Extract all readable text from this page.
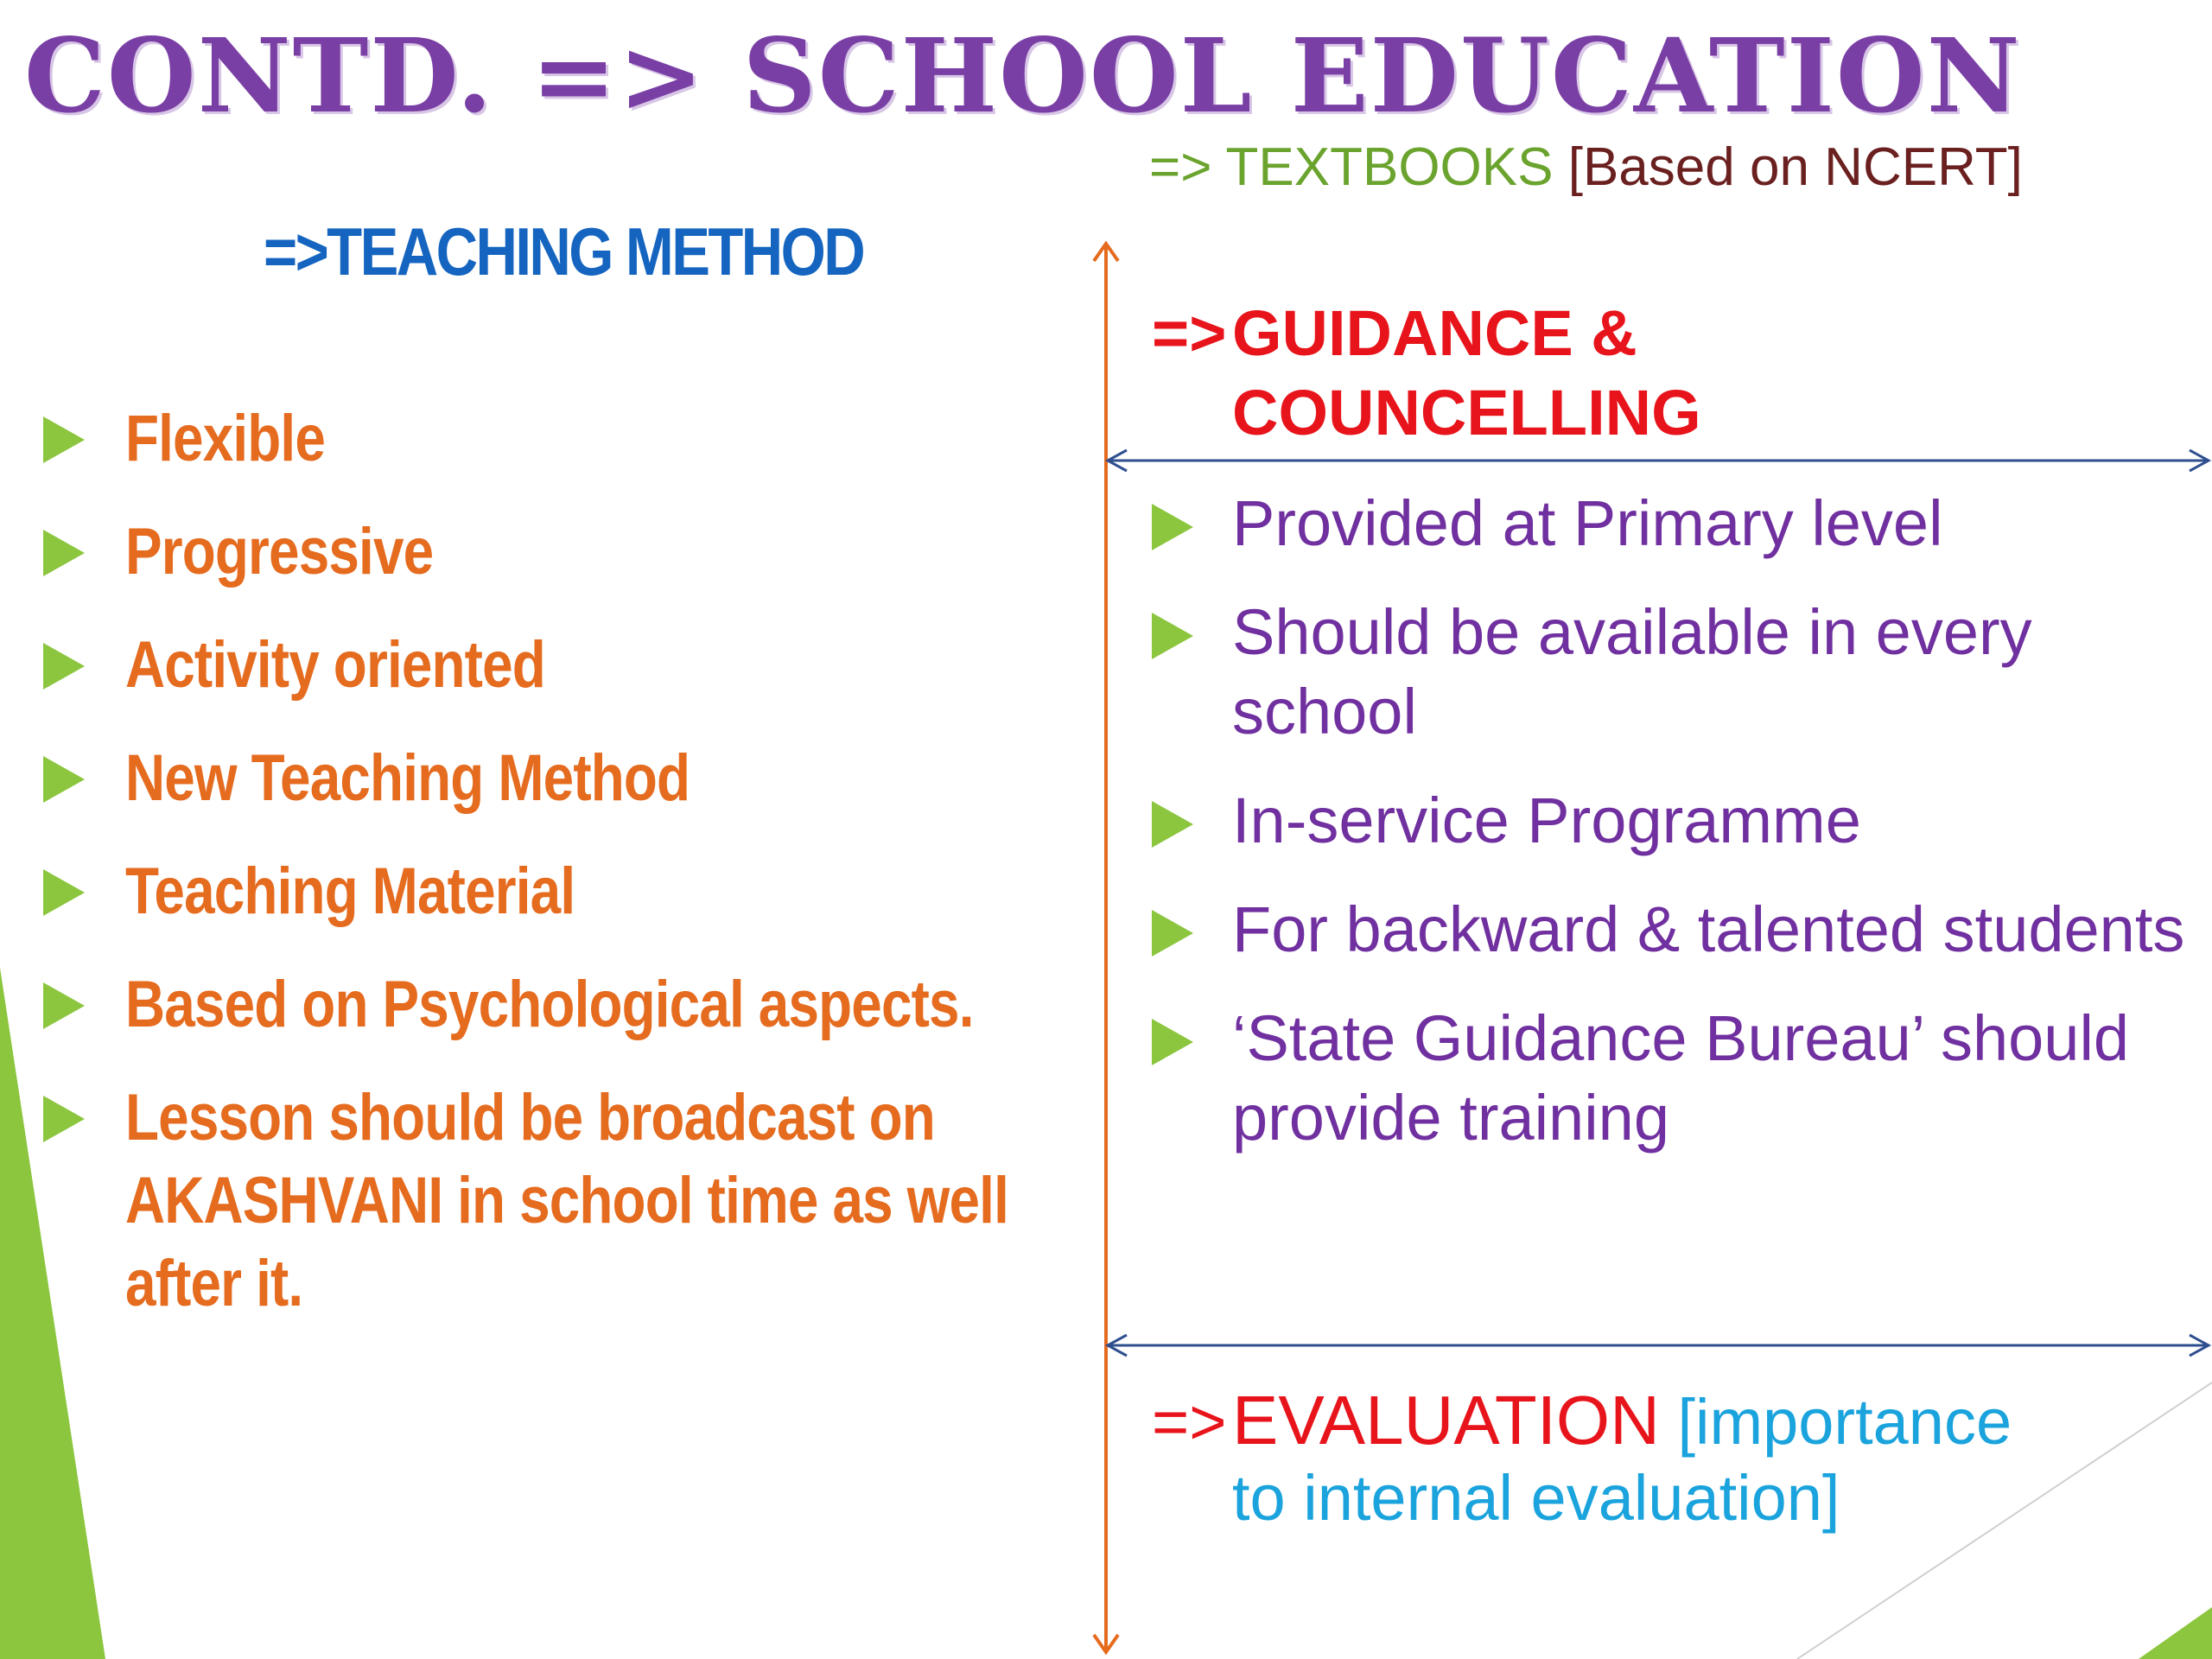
CONTD. => SCHOOL EDUCATION
=> TEXTBOOKS [Based on NCERT]
=>TEACHING METHOD
Flexible
Progressive
Activity oriented
New Teaching Method
Teaching Material
Based on Psychological aspects.
Lesson should be broadcast on AKASHVANI in school time as well after it.
=>GUIDANCE &
COUNCELLING
Provided at Primary level
Should be available in every school
In-service Programme
For backward & talented students
‘State Guidance Bureau’ should provide training
=>EVALUATION [importance
to internal evaluation]
